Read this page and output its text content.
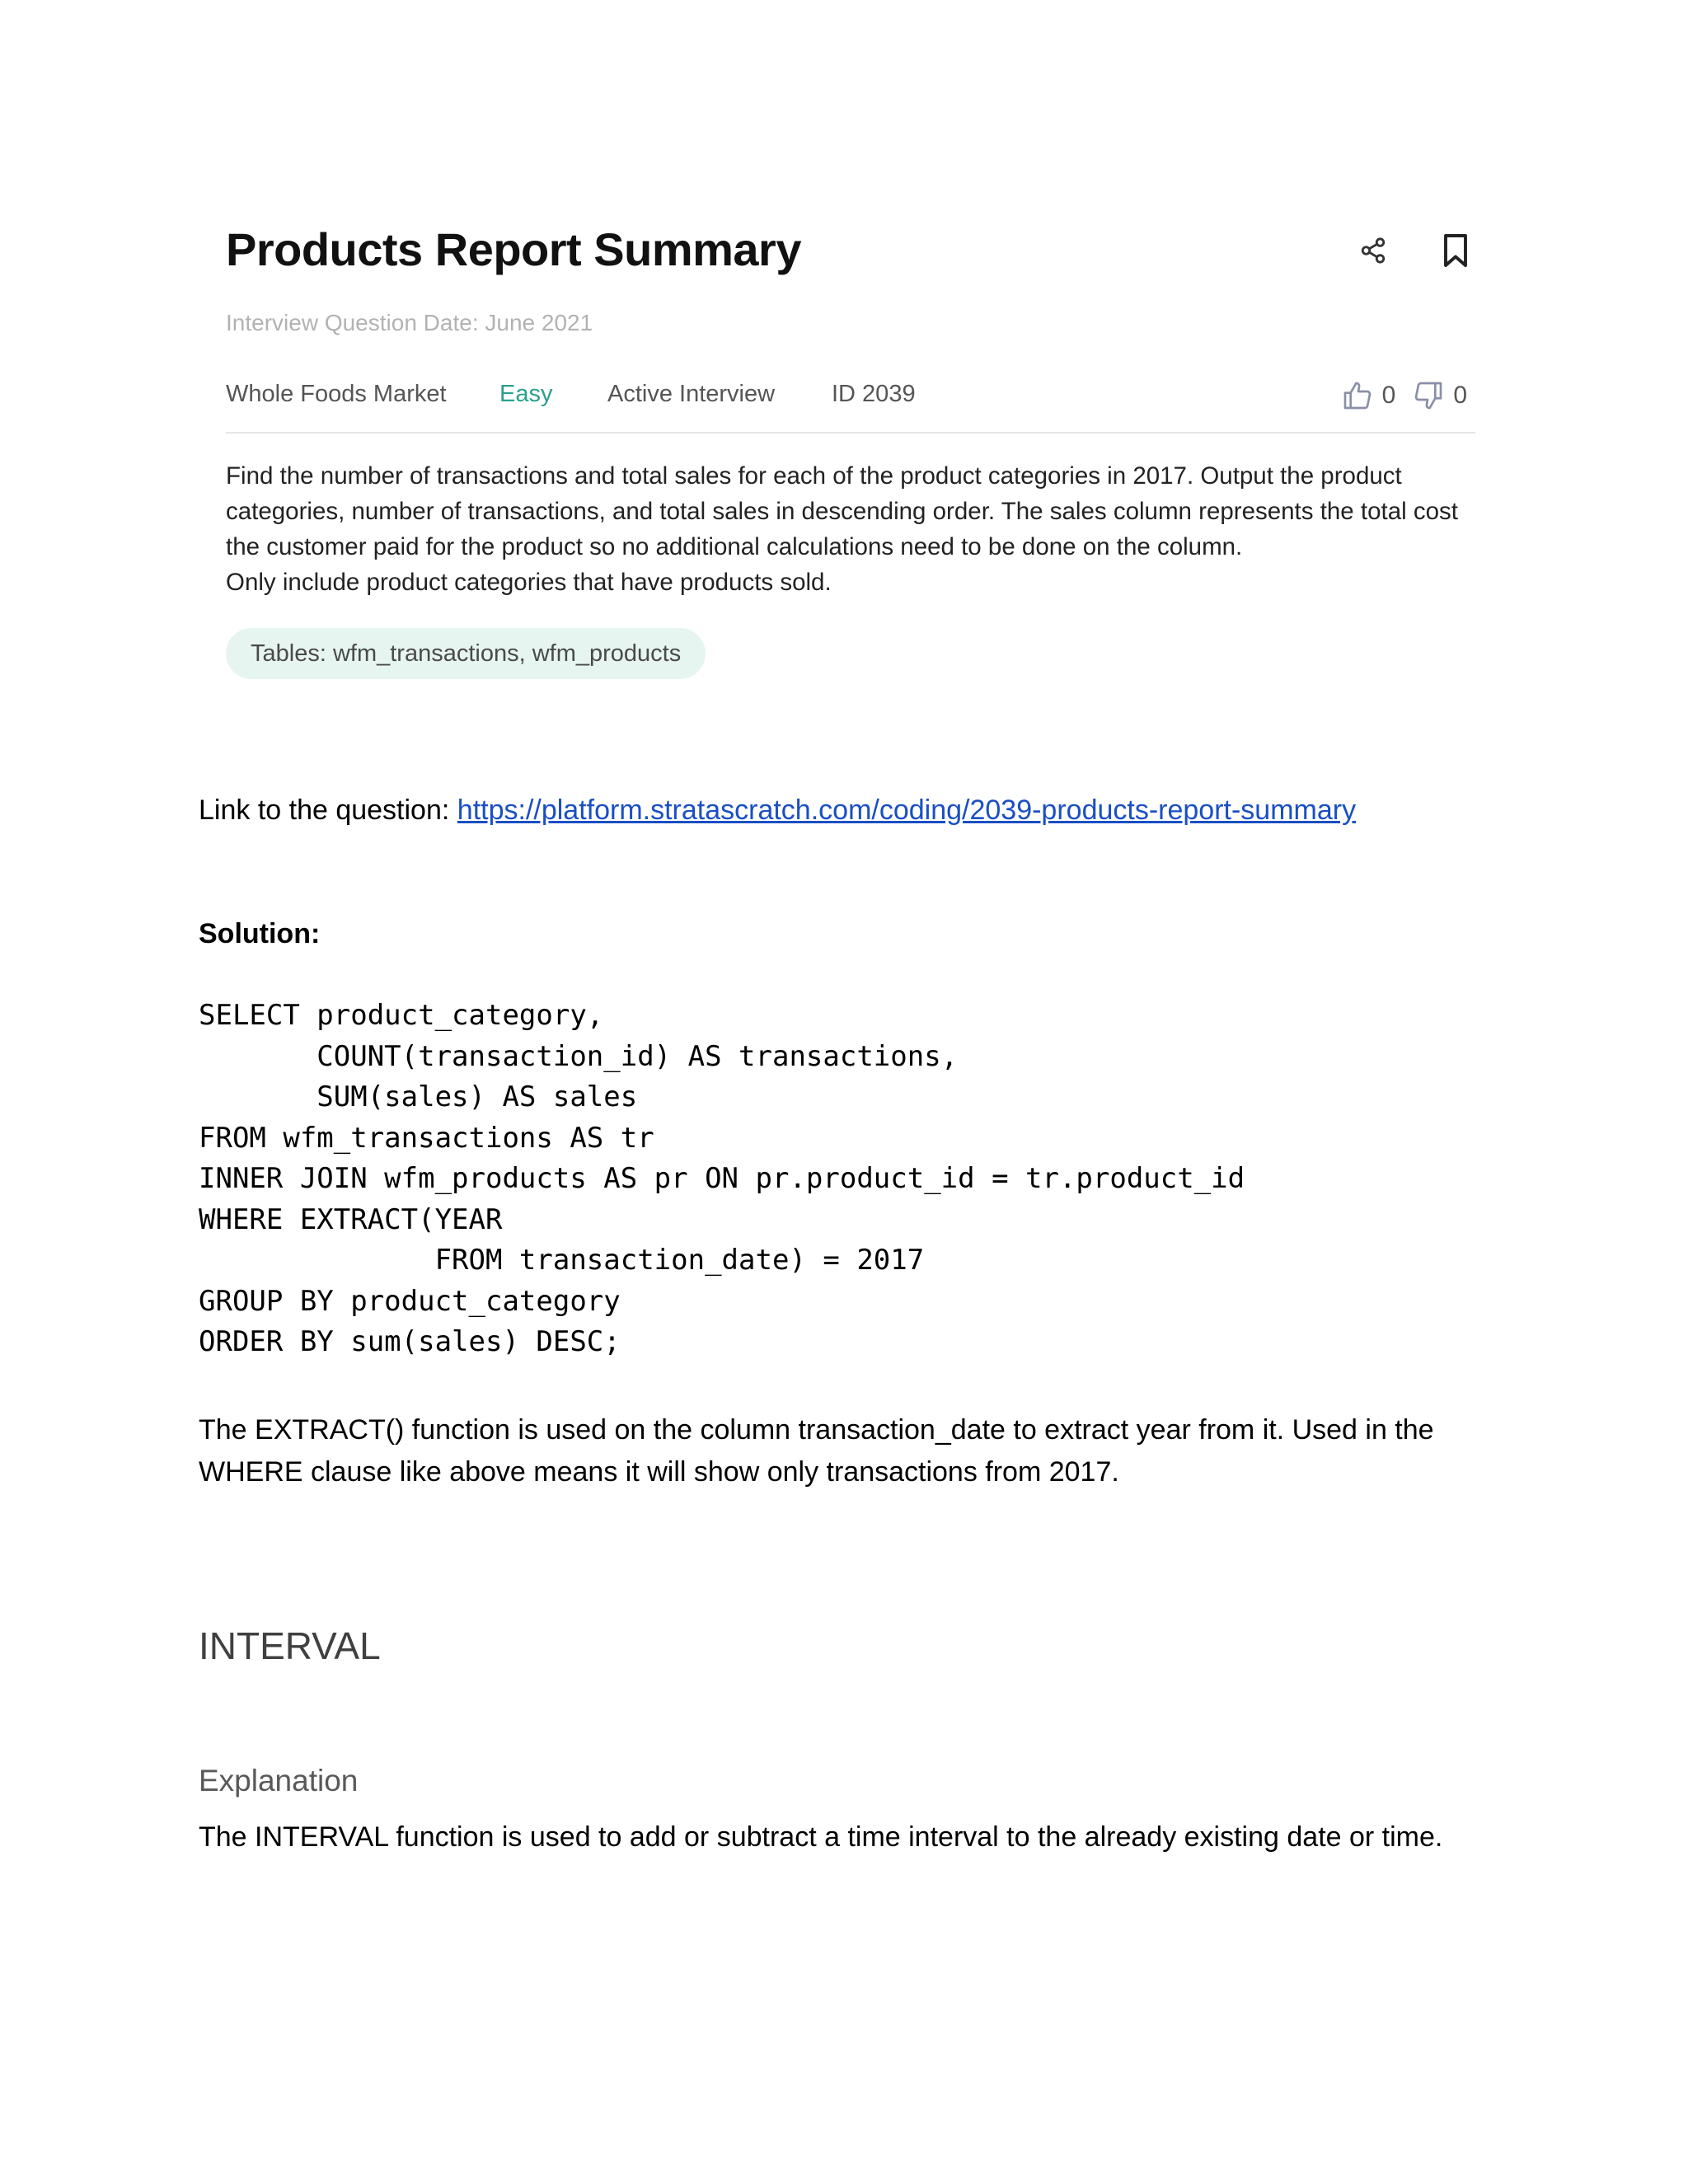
Products Report Summary
Interview Question Date: June 2021
Whole Foods Market Easy Active Interview ID 2039	0 0

Find the number of transactions and total sales for each of the product categories in 2017. Output the product categories, number of transactions, and total sales in descending order. The sales column represents the total cost the customer paid for the product so no additional calculations need to be done on the column.

Only include product categories that have products sold.

Tables: wfm_transactions, wfm_products
Link to the question: https://platform.stratascratch.com/coding/2039-products-report-summary
Solution:
SELECT product_category,
COUNT(transaction_id) AS transactions,
SUM(sales) AS sales
FROM wfm_transactions AS tr
INNER JOIN wfm_products AS pr ON pr.product_id = tr.product_id
WHERE EXTRACT(YEAR
FROM transaction_date) = 2017
GROUP BY product_category
ORDER BY sum(sales) DESC;

The EXTRACT() function is used on the column transaction_date to extract year from it. Used in the WHERE clause like above means it will show only transactions from 2017.

INTERVAL
Explanation

The INTERVAL function is used to add or subtract a time interval to the already existing date or time.
